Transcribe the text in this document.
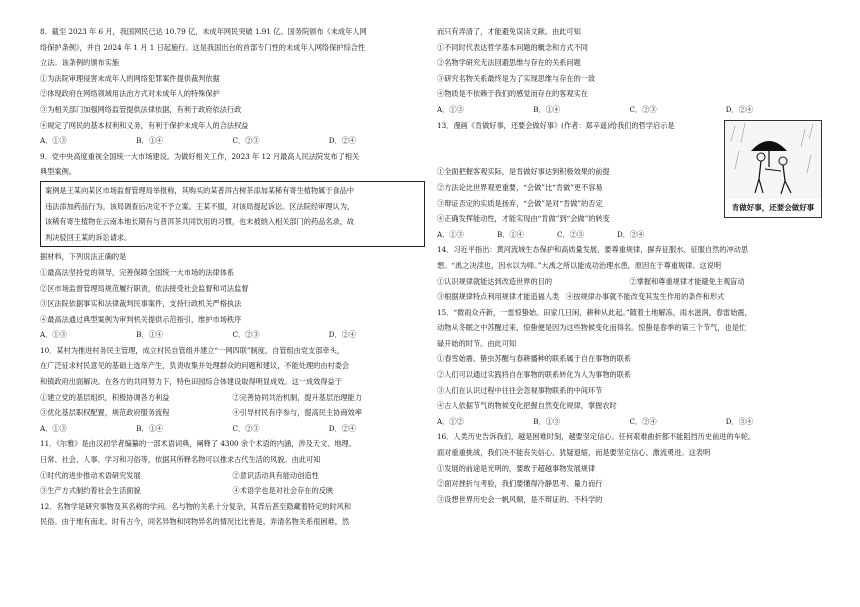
8．截至 2023 年 6 月，我国网民已达 10.79 亿，未成年网民突破 1.91 亿。国务院颁布《未成年人网
络保护条例》，并自 2024 年 1 月 1 日起施行。这是我国出台的首部专门性的未成年人网络保护综合性
立法。该条例的颁布实施
①为法院审理侵害未成年人的网络犯罪案件提供裁判依据
②体现政府在网络领域用法治方式对未成年人的特殊保护
③为相关部门加强网络监管提供法律依据，有利于政府依法行政
④规定了网民的基本权利和义务，有利于保护未成年人的合法权益
A．①③	B．①④	C．②③	D．②④
9．党中央高度重视全国统一大市场建设。为做好相关工作，2023 年 12 月最高人民法院发布了相关
典型案例。
案例是王某向某区市场监督管理局举报称，其购买的某普洱古树茶添加某稀有寄生植物属于食品中
违法添加药品行为。该局调查后决定不予立案。王某不服，对该局提起诉讼。区法院经审理认为，
该稀有寄生植物在云南本地长期有与普洱茶共同饮用的习惯，也未被纳入相关部门的药品名录，故
判决驳回王某的诉讼请求。
据材料，下列说法正确的是
①最高法坚持党的领导，完善保障全国统一大市场的法律体系
②区市场监督管理局规范履行职责，依法接受社会监督和司法监督
③区法院依据事实和法律裁判民事案件，支持行政机关严格执法
④最高法通过典型案例为审判机关提供示范指引，维护市场秩序
A．①③	B．①④	C．②③	D．②④
10．某村为推进村务民主管理，成立村民自管组并建立“一网四联”制度。自管组由党支部牵头，
在广泛征求村民意见的基础上选举产生，负责收集并处理群众的问题和建议，不能处理的由村委会
和镇政府出面解决。在各方的共同努力下，特色田园综合体建设取得明显成效。这一成效得益于
①建立党的基层组织，积极协调各方利益	②完善协同共治机制，提升基层治理能力
③优化基层职权配置，规范政府服务流程	④引导村民有序参与，提高民主协商效率
A．①③	B．①④	C．②③	D．②④
11．《尔雅》是由汉初学者编纂的一部术语词典，阐释了 4300 余个术语的内涵，涉及天文、地理、
日常、社会、人事、学习和习俗等，依据其所释名物可以推求古代生活的风貌。由此可知
①时代的进步推动术语研究发展	②意识活动具有能动创造性
③生产方式制约着社会生活面貌	④术语学也是对社会存在的反映
12．名物学是研究事物及其名称的学问。名与物的关系十分复杂，其背后甚至隐藏着特定的时风和
民俗。由于地有南北、时有古今，同名异物和同物异名的情况比比皆是，弄清名物关系很困难，然
而只有弄清了，才能避免误读文献。由此可知
①不同时代表达哲学基本问题的概念和方式不同
②名物学研究无法回避思维与存在的关系问题
③研究名物关系最终是为了实现思维与存在的一致
④物质是不依赖于我们的感觉而存在的客观实在
A．①③	B．①④	C．②③	D．②④
13．漫画《肯做好事，还要会做好事》(作者：郑辛遥)给我们的哲学启示是

①全面把握客观实际，是肯做好事达到积极效果的前提
②方法论比世界观更重要，“会做”比“肯做”更不容易
③辩证否定的实质是扬弃，“会做”是对“肯做”的否定
④正确发挥能动性，才能实现由“肯做”到“会做”的转变
A．①③	B．①④	C．②③	D．②④
肯做好事，还要会做好事
14．习近平指出：黄河流域生态保护和高质量发展，要尊重规律，摒弃征服水、征服自然的冲动思
想。“禹之决渎也，因水以为师。”大禹之所以能成功治理水患，原因在于尊重规律。这说明
①认识规律就能达到改造世界的目的	②掌握和尊重规律才能避免主观盲动
③根据规律特点利用规律才能造福人类 ④按规律办事就不能改变其发生作用的条件和形式
15．“微雨众卉新，一雷惊蛰始。田家几日闲，耕种从此起。”随着土地解冻，雨水滋润，春雷始震，
动物从冬眠之中苏醒过来，惊蛰便是因为这些物候变化而得名。惊蛰是春季的第三个节气，也是忙
碌开始的时节。由此可知
①春雪始震、蛰虫苏醒与春耕播种的联系属于自在事物的联系
②人们可以通过实践将自在事物的联系转化为人为事物的联系
③人们在认识过程中往往会忽视事物联系的中间环节
④古人依据节气的物候变化把握自然变化规律，掌握农时
A．①②	B．①③	C．②④	D．③④
16．人类历史告诉我们，越是困难时刻，越要坚定信心。任何艰难曲折都不能阻挡历史前进的车轮。
面对重重挑战，我们决不能丧失信心、犹疑退缩，而是要坚定信心、激流勇进。这表明
①发展的前途是光明的，要敢于超越事物发展规律
②面对挫折与考验，我们要懂得冷静思考、量力而行
③设想世界历史会一帆风顺，是不辩证的、不科学的
